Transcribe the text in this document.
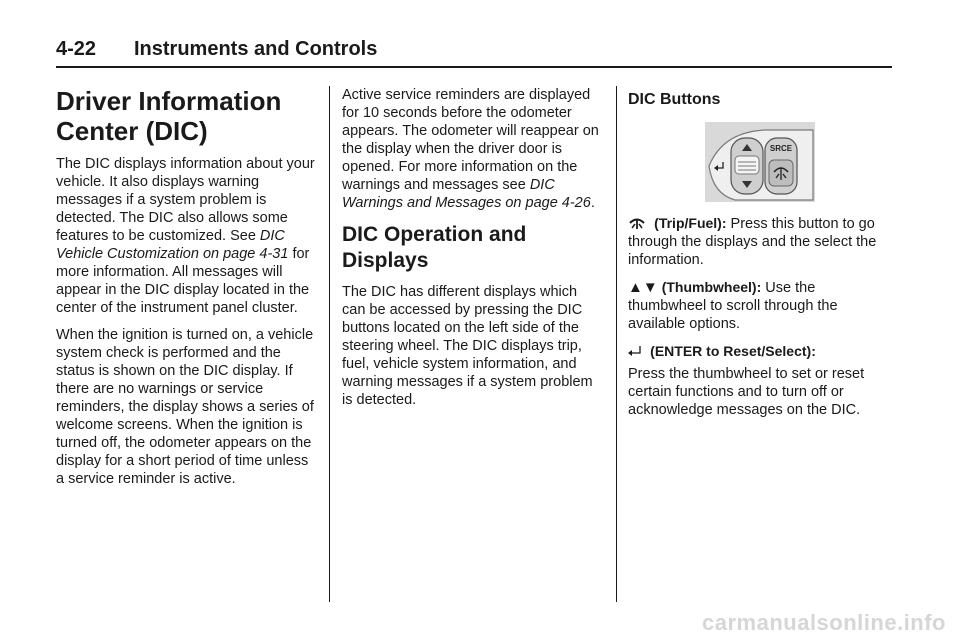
4-22 Instruments and Controls
Driver Information Center (DIC)

The DIC displays information about your vehicle. It also displays warning messages if a system problem is detected. The DIC also allows some features to be customized. See DIC Vehicle Customization on page 4-31 for more information. All messages will appear in the DIC display located in the center of the instrument panel cluster.

When the ignition is turned on, a vehicle system check is performed and the status is shown on the DIC display. If there are no warnings or service reminders, the display shows a series of welcome screens. When the ignition is turned off, the odometer appears on the display for a short period of time unless a service reminder is active.

Active service reminders are displayed for 10 seconds before the odometer appears. The odometer will reappear on the display when the driver door is opened. For more information on the warnings and messages see DIC Warnings and Messages on page 4-26.

DIC Operation and Displays

The DIC has different displays which can be accessed by pressing the DIC buttons located on the left side of the steering wheel. The DIC displays trip, fuel, vehicle system information, and warning messages if a system problem is detected.

DIC Buttons
SRCE

(Trip/Fuel): Press this button to go through the displays and the select the information.

▲▼ (Thumbwheel): Use the thumbwheel to scroll through the available options.

(ENTER to Reset/Select):

Press the thumbwheel to set or reset certain functions and to turn off or acknowledge messages on the DIC.

carmanualsonline.info
